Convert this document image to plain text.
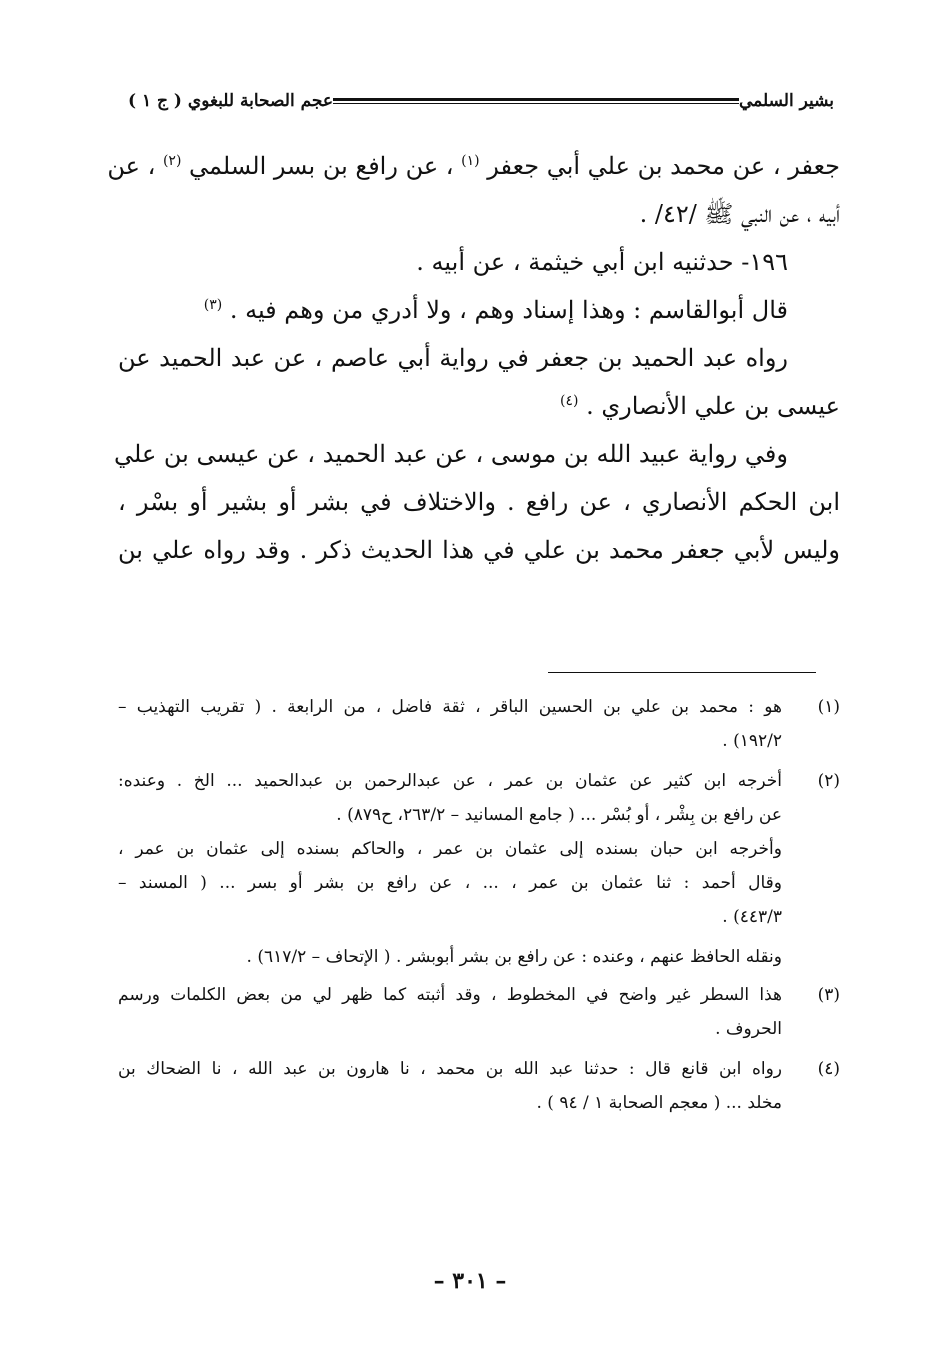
عجم الصحابة للبغوي ( ج ١ )	بشير السلمي
جعفر ، عن محمد بن علي أبي جعفر $^{(١)}$ ، عن رافع بن بسر السلمي $^{(٢)}$ ، عن
أبيه ، عن النبي ﷺ /٤٢/ .
١٩٦- حدثنيه ابن أبي خيثمة ، عن أبيه .
قال أبوالقاسم : وهذا إسناد وهم ، ولا أدري من وهم فيه . $^{(٣)}$
رواه عبد الحميد بن جعفر في رواية أبي عاصم ، عن عبد الحميد عن
عيسى بن علي الأنصاري . $^{(٤)}$
وفي رواية عبيد الله بن موسى ، عن عبد الحميد ، عن عيسى بن علي
ابن الحكم الأنصاري ، عن رافع . والاختلاف في بشر أو بشير أو بسْر ،
وليس لأبي جعفر محمد بن علي في هذا الحديث ذكر . وقد رواه علي بن
(١)
هو : محمد بن علي بن الحسين الباقر ، ثقة فاضل ، من الرابعة . ( تقريب التهذيب –
١٩٢/٢) .
(٢)
أخرجه ابن كثير عن عثمان بن عمر ، عن عبدالرحمن بن عبدالحميد ... الخ . وعنده:
عن رافع بن بِشْر ، أو بُسْر ... ( جامع المسانيد – ٢٦٣/٢، ح٨٧٩) .
وأخرجه ابن حبان بسنده إلى عثمان بن عمر ، والحاكم بسنده إلى عثمان بن عمر ،
وقال أحمد : ثنا عثمان بن عمر ، ... ، عن رافع بن بشر أو بسر ... ( المسند –
٤٤٣/٣) .
ونقله الحافظ عنهم ، وعنده : عن رافع بن بشر أبوبشر . ( الإتحاف – ٦١٧/٢) .
(٣)
هذا السطر غير واضح في المخطوط ، وقد أثبته كما ظهر لي من بعض الكلمات ورسم
الحروف .
(٤)
رواه ابن قانع قال : حدثنا عبد الله بن محمد ، نا هارون بن عبد الله ، نا الضحاك بن
مخلد ... ( معجم الصحابة ١ / ٩٤ ) .
– ٣٠١ –
